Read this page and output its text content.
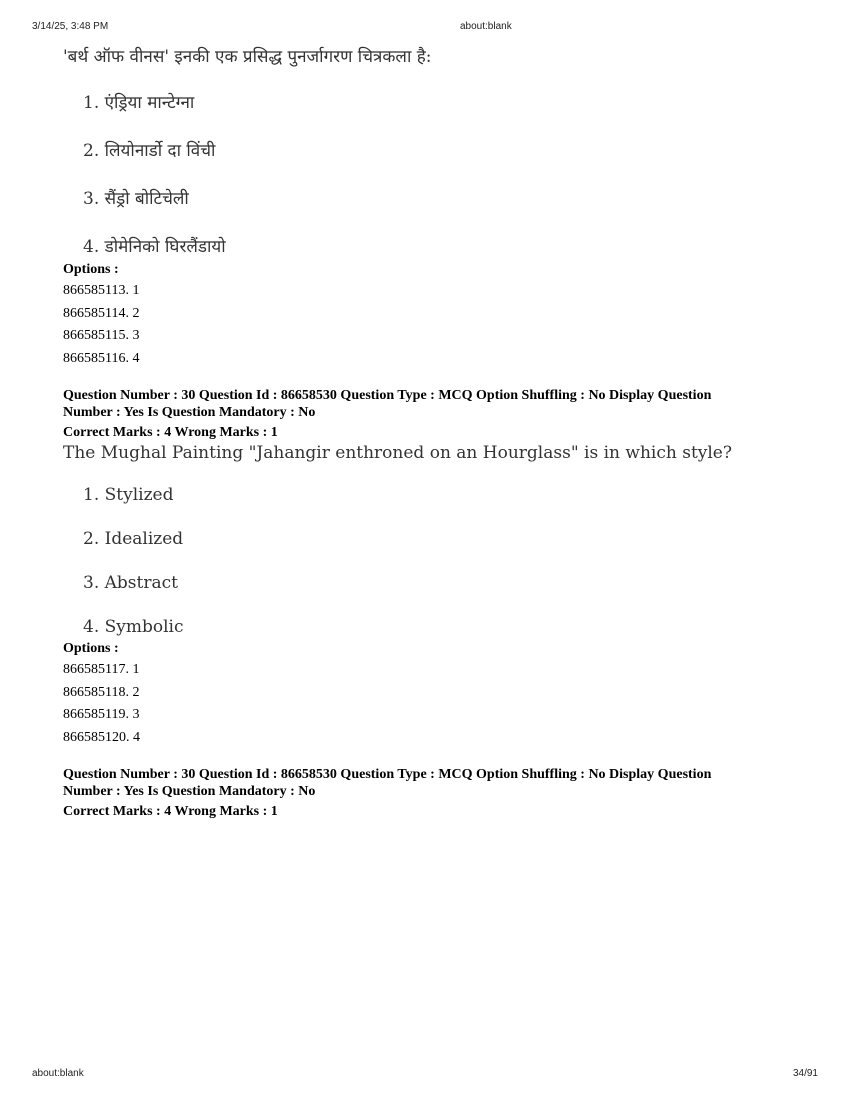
3/14/25, 3:48 PM	about:blank
'बर्थ ऑफ वीनस' इनकी एक प्रसिद्ध पुनर्जागरण चित्रकला है:
1. एंड्रिया मान्टेग्ना
2. लियोनार्डो दा विंची
3. सैंड्रो बोटिचेली
4. डोमेनिको घिरलैंडायो
Options :
866585113. 1
866585114. 2
866585115. 3
866585116. 4
Question Number : 30 Question Id : 86658530 Question Type : MCQ Option Shuffling : No Display Question
Number : Yes Is Question Mandatory : No
Correct Marks : 4 Wrong Marks : 1
The Mughal Painting "Jahangir enthroned on an Hourglass" is in which style?
1. Stylized
2. Idealized
3. Abstract
4. Symbolic
Options :
866585117. 1
866585118. 2
866585119. 3
866585120. 4
Question Number : 30 Question Id : 86658530 Question Type : MCQ Option Shuffling : No Display Question
Number : Yes Is Question Mandatory : No
Correct Marks : 4 Wrong Marks : 1
about:blank	34/91
